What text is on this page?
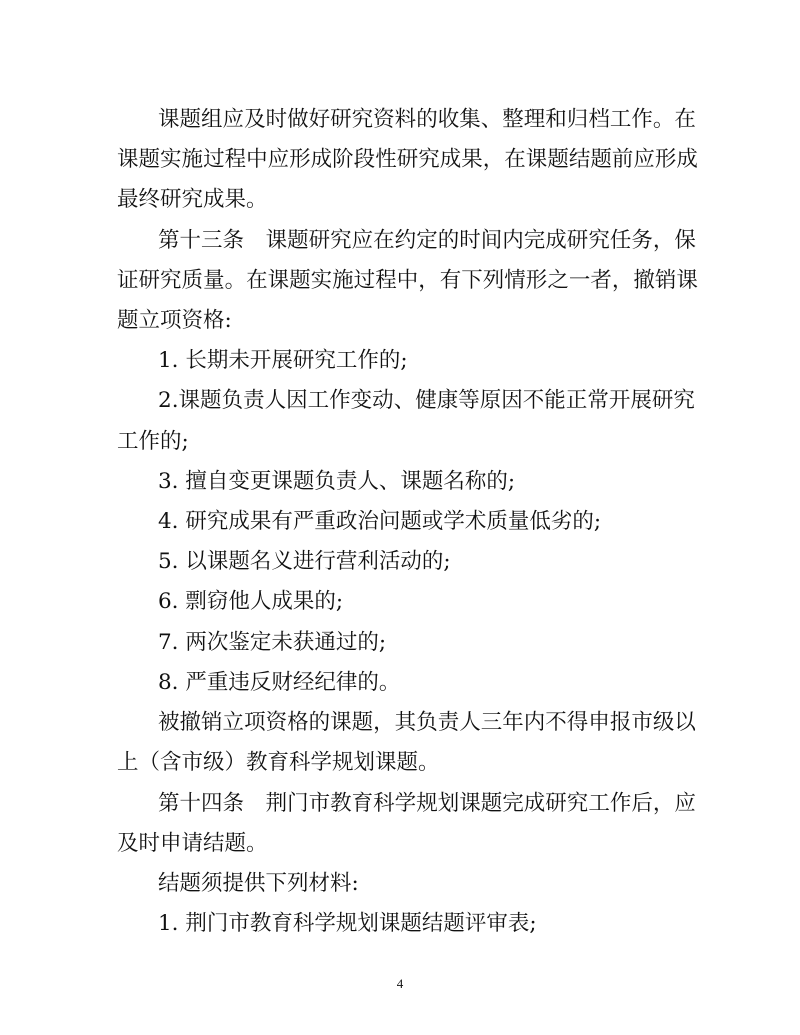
课 题 组 应 及 时 做 好 研 究 资 料 的 收 集 、 整 理 和 归 档 工 作 。 在
课 题 实 施 过 程 中 应 形 成 阶 段 性 研 究 成 果 ， 在 课 题 结 题 前 应 形 成
最终研究成果。
第 十 三 条
　 课 题 研 究 应 在 约 定 的 时 间 内 完 成 研 究 任 务 ， 保
证 研 究 质 量 。 在 课 题 实 施 过 程 中 ， 有 下 列 情 形 之 一 者 ， 撤 销 课
题立项资格:
1. 长期未开展研究工作的;
2 . 课 题 负 责 人 因 工 作 变 动 、 健 康 等 原 因 不 能 正 常 开 展 研 究
工作的;
3. 擅自变更课题负责人、课题名称的;
4. 研究成果有严重政治问题或学术质量低劣的;
5. 以课题名义进行营利活动的;
6. 剽窃他人成果的;
7. 两次鉴定未获通过的;
8. 严重违反财经纪律的。
被 撤 销 立 项 资 格 的 课 题 ， 其 负 责 人 三 年 内 不 得 申 报 市 级 以
上（含市级）教育科学规划课题。
第 十 四 条
　 荆 门 市 教 育 科 学 规 划 课 题 完 成 研 究 工 作 后 ， 应
及时申请结题。
结题须提供下列材料:
1. 荆门市教育科学规划课题结题评审表;
4
